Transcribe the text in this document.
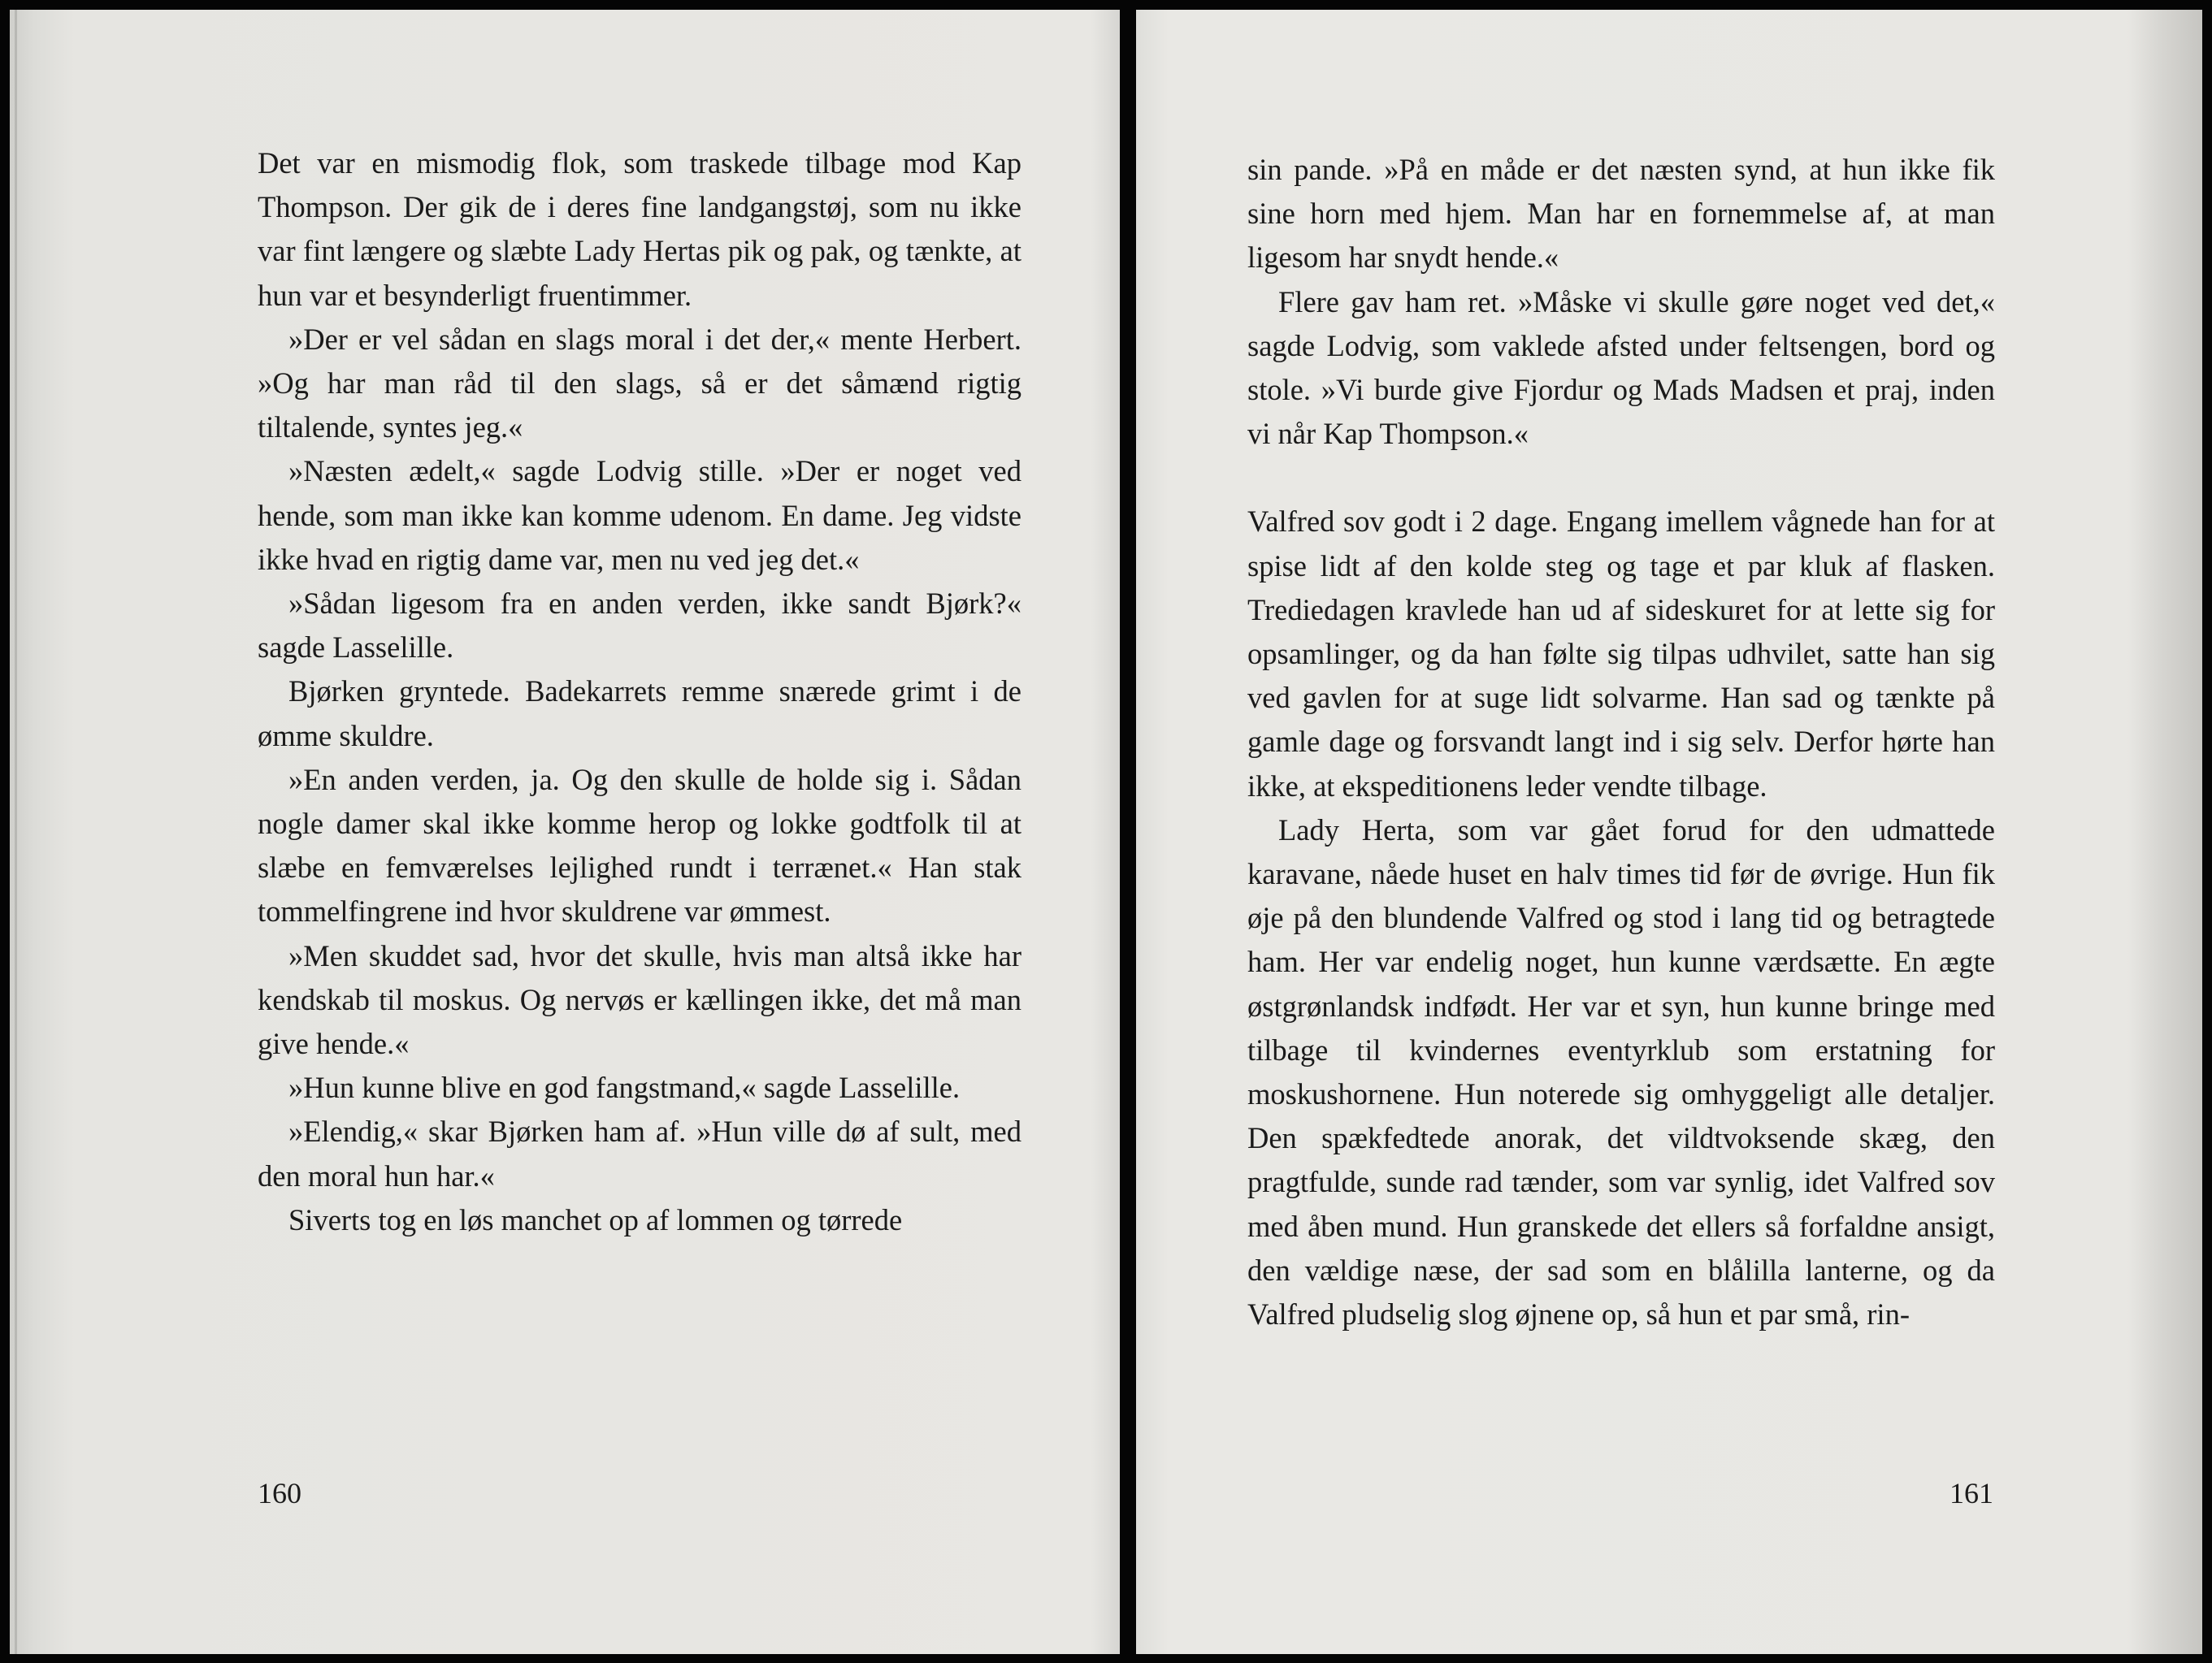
Det var en mismodig flok, som traskede tilbage mod Kap Thompson. Der gik de i deres fine landgangstøj, som nu ikke var fint længere og slæbte Lady Hertas pik og pak, og tænkte, at hun var et besynderligt fruentimmer.

»Der er vel sådan en slags moral i det der,« mente Herbert. »Og har man råd til den slags, så er det såmænd rigtig tiltalende, syntes jeg.«

»Næsten ædelt,« sagde Lodvig stille. »Der er noget ved hende, som man ikke kan komme udenom. En dame. Jeg vidste ikke hvad en rigtig dame var, men nu ved jeg det.«

»Sådan ligesom fra en anden verden, ikke sandt Bjørk?« sagde Lasselille.

Bjørken gryntede. Badekarrets remme snærede grimt i de ømme skuldre.

»En anden verden, ja. Og den skulle de holde sig i. Sådan nogle damer skal ikke komme herop og lokke godtfolk til at slæbe en femværelses lejlighed rundt i terrænet.« Han stak tommelfingrene ind hvor skuldrene var ømmest.

»Men skuddet sad, hvor det skulle, hvis man altså ikke har kendskab til moskus. Og nervøs er kællingen ikke, det må man give hende.«

»Hun kunne blive en god fangstmand,« sagde Lasselille.

»Elendig,« skar Bjørken ham af. »Hun ville dø af sult, med den moral hun har.«

Siverts tog en løs manchet op af lommen og tørrede

160

sin pande. »På en måde er det næsten synd, at hun ikke fik sine horn med hjem. Man har en fornemmelse af, at man ligesom har snydt hende.«

Flere gav ham ret. »Måske vi skulle gøre noget ved det,« sagde Lodvig, som vaklede afsted under feltsengen, bord og stole. »Vi burde give Fjordur og Mads Madsen et praj, inden vi når Kap Thompson.«

Valfred sov godt i 2 dage. Engang imellem vågnede han for at spise lidt af den kolde steg og tage et par kluk af flasken. Trediedagen kravlede han ud af sideskuret for at lette sig for opsamlinger, og da han følte sig tilpas udhvilet, satte han sig ved gavlen for at suge lidt solvarme. Han sad og tænkte på gamle dage og forsvandt langt ind i sig selv. Derfor hørte han ikke, at ekspeditionens leder vendte tilbage.

Lady Herta, som var gået forud for den udmattede karavane, nåede huset en halv times tid før de øvrige. Hun fik øje på den blundende Valfred og stod i lang tid og betragtede ham. Her var endelig noget, hun kunne værdsætte. En ægte østgrønlandsk indfødt. Her var et syn, hun kunne bringe med tilbage til kvindernes eventyrklub som erstatning for moskushornene. Hun noterede sig omhyggeligt alle detaljer. Den spækfedtede anorak, det vildtvoksende skæg, den pragtfulde, sunde rad tænder, som var synlig, idet Valfred sov med åben mund. Hun granskede det ellers så forfaldne ansigt, den vældige næse, der sad som en blålilla lanterne, og da Valfred pludselig slog øjnene op, så hun et par små, rin-

161
